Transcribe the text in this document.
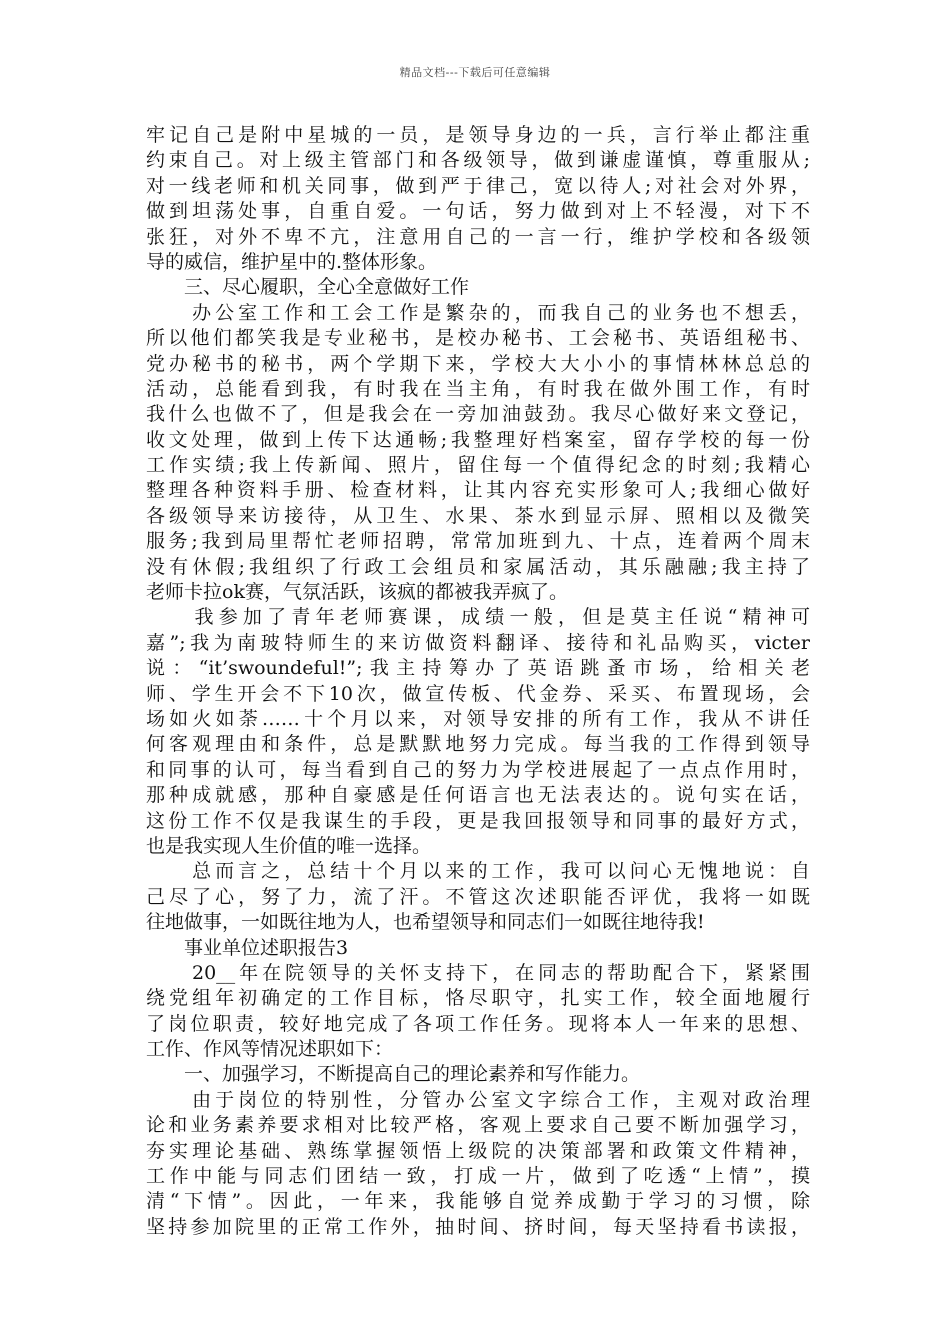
精品文档---下载后可任意编辑
牢记自己是附中星城的一员，是领导身边的一兵，言行举止都注重
约束自己。对上级主管部门和各级领导，做到谦虚谨慎，尊重服从;
对一线老师和机关同事，做到严于律己，宽以待人;对社会对外界，
做到坦荡处事，自重自爱。一句话，努力做到对上不轻漫，对下不
张狂，对外不卑不亢，注意用自己的一言一行，维护学校和各级领
导的威信，维护星中的.整体形象。
　　三、尽心履职，全心全意做好工作
　　办公室工作和工会工作是繁杂的，而我自己的业务也不想丢，
所以他们都笑我是专业秘书，是校办秘书、工会秘书、英语组秘书、
党办秘书的秘书，两个学期下来，学校大大小小的事情林林总总的
活动，总能看到我，有时我在当主角，有时我在做外围工作，有时
我什么也做不了，但是我会在一旁加油鼓劲。我尽心做好来文登记，
收文处理，做到上传下达通畅;我整理好档案室，留存学校的每一份
工作实绩;我上传新闻、照片，留住每一个值得纪念的时刻;我精心
整理各种资料手册、检查材料，让其内容充实形象可人;我细心做好
各级领导来访接待，从卫生、水果、茶水到显示屏、照相以及微笑
服务;我到局里帮忙老师招聘，常常加班到九、十点，连着两个周末
没有休假;我组织了行政工会组员和家属活动，其乐融融;我主持了
老师卡拉ok赛，气氛活跃，该疯的都被我弄疯了。
　　我参加了青年老师赛课，成绩一般，但是莫主任说“精神可
嘉”;我为南玻特师生的来访做资料翻译、接待和礼品购买，victer
说：“it’swoundeful!”;我主持筹办了英语跳蚤市场，给相关老
师、学生开会不下10次，做宣传板、代金券、采买、布置现场，会
场如火如荼……十个月以来，对领导安排的所有工作，我从不讲任
何客观理由和条件，总是默默地努力完成。每当我的工作得到领导
和同事的认可，每当看到自己的努力为学校进展起了一点点作用时，
那种成就感，那种自豪感是任何语言也无法表达的。说句实在话，
这份工作不仅是我谋生的手段，更是我回报领导和同事的最好方式，
也是我实现人生价值的唯一选择。
　　总而言之，总结十个月以来的工作，我可以问心无愧地说：自
己尽了心，努了力，流了汗。不管这次述职能否评优，我将一如既
往地做事，一如既往地为人，也希望领导和同志们一如既往地待我!
　　事业单位述职报告3
　　20__年在院领导的关怀支持下，在同志的帮助配合下，紧紧围
绕党组年初确定的工作目标，恪尽职守，扎实工作，较全面地履行
了岗位职责，较好地完成了各项工作任务。现将本人一年来的思想、
工作、作风等情况述职如下：
　　一、加强学习，不断提高自己的理论素养和写作能力。
　　由于岗位的特别性，分管办公室文字综合工作，主观对政治理
论和业务素养要求相对比较严格，客观上要求自己要不断加强学习，
夯实理论基础、熟练掌握领悟上级院的决策部署和政策文件精神，
工作中能与同志们团结一致，打成一片，做到了吃透“上情”，摸
清“下情”。因此，一年来，我能够自觉养成勤于学习的习惯，除
坚持参加院里的正常工作外，抽时间、挤时间，每天坚持看书读报，
